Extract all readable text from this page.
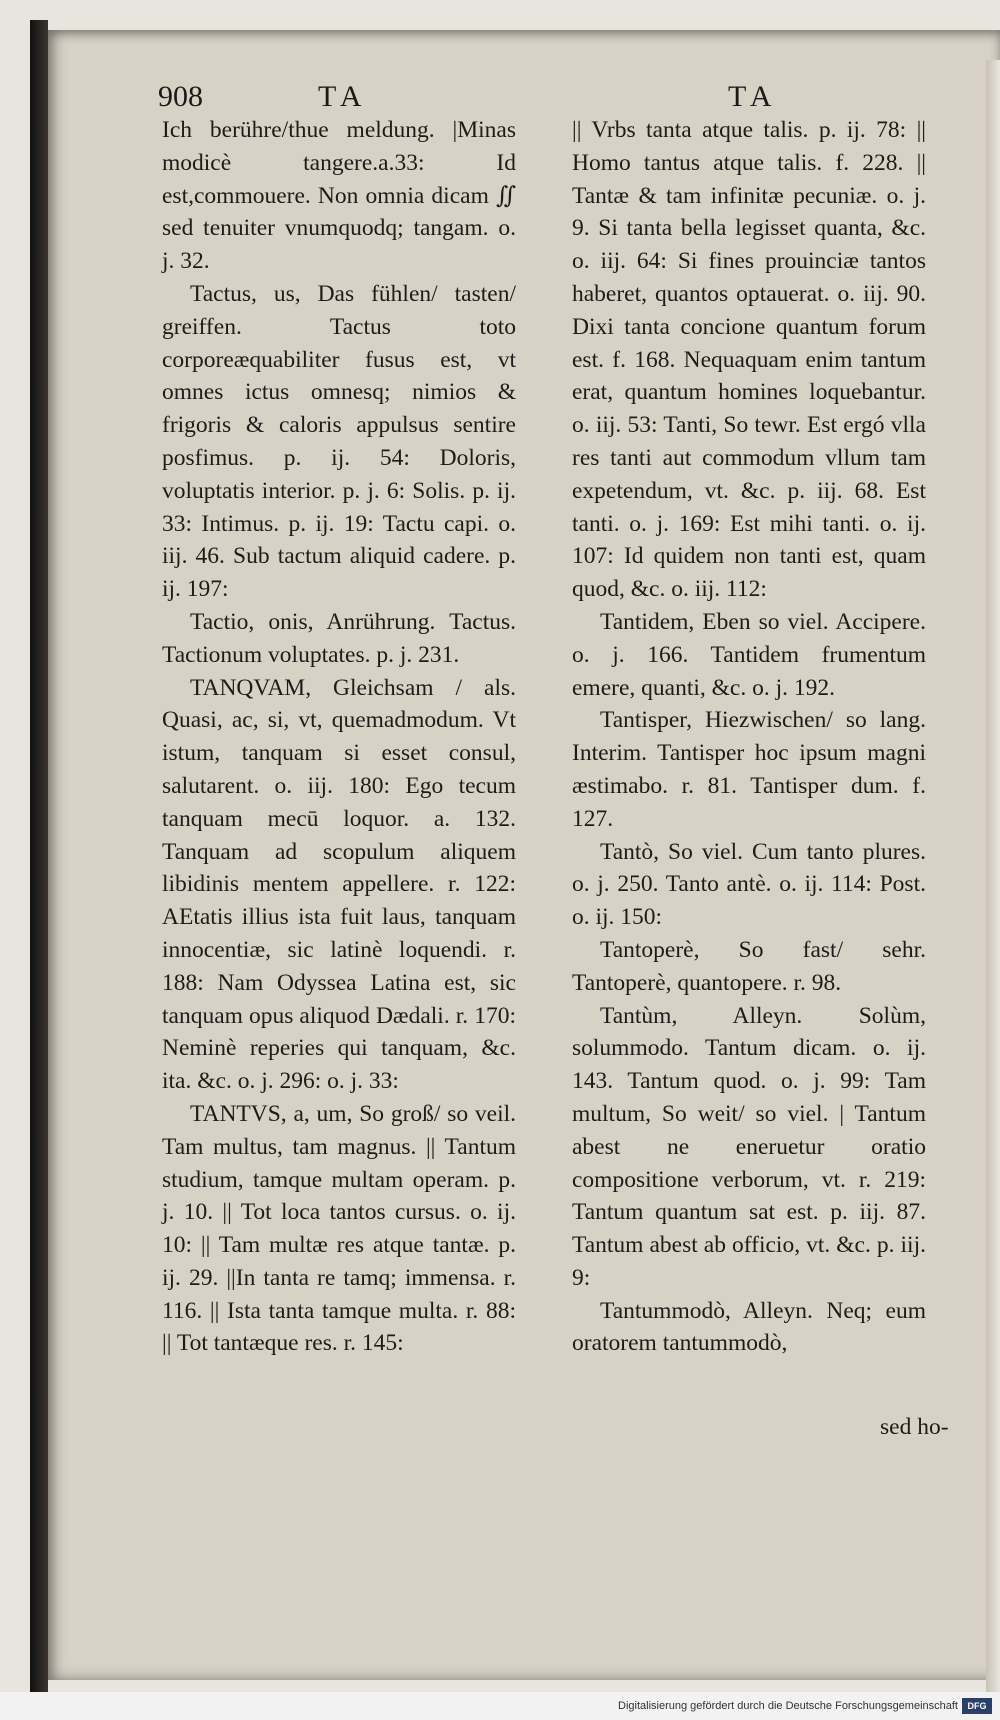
908	TA	TA

Ich berühre/thue meldung. |Minas modicè tangere.a.33: Id est,commouere. Non omnia dicam ∬ sed tenuiter vnumquodq; tangam. o. j. 32.

Tactus, us, Das fühlen/ tasten/ greiffen. Tactus toto corporeæquabiliter fusus est, vt omnes ictus omnesq; nimios & frigoris & caloris appulsus sentire posfimus. p. ij. 54: Doloris, voluptatis interior. p. j. 6: Solis. p. ij. 33: Intimus. p. ij. 19: Tactu capi. o. iij. 46. Sub tactum aliquid cadere. p. ij. 197:

Tactio, onis, Anrührung. Tactus. Tactionum voluptates. p. j. 231.

TANQVAM, Gleichsam / als. Quasi, ac, si, vt, quemadmodum. Vt istum, tanquam si esset consul, salutarent. o. iij. 180: Ego tecum tanquam mecū loquor. a. 132. Tanquam ad scopulum aliquem libidinis mentem appellere. r. 122: AEtatis illius ista fuit laus, tanquam innocentiæ, sic latinè loquendi. r. 188: Nam Odyssea Latina est, sic tanquam opus aliquod Dædali. r. 170: Neminè reperies qui tanquam, &c. ita. &c. o. j. 296: o. j. 33:

TANTVS, a, um, So groß/ so veil. Tam multus, tam magnus. || Tantum studium, tamque multam operam. p. j. 10. || Tot loca tantos cursus. o. ij. 10: || Tam multæ res atque tantæ. p. ij. 29. ||In tanta re tamq; immensa. r. 116. || Ista tanta tamque multa. r. 88: || Tot tantæque res. r. 145:

|| Vrbs tanta atque talis. p. ij. 78: || Homo tantus atque talis. f. 228. || Tantæ & tam infinitæ pecuniæ. o. j. 9. Si tanta bella legisset quanta, &c. o. iij. 64: Si fines prouinciæ tantos haberet, quantos optauerat. o. iij. 90. Dixi tanta concione quantum forum est. f. 168. Nequaquam enim tantum erat, quantum homines loquebantur. o. iij. 53: Tanti, So tewr. Est ergó vlla res tanti aut commodum vllum tam expetendum, vt. &c. p. iij. 68. Est tanti. o. j. 169: Est mihi tanti. o. ij. 107: Id quidem non tanti est, quam quod, &c. o. iij. 112:

Tantidem, Eben so viel. Accipere. o. j. 166. Tantidem frumentum emere, quanti, &c. o. j. 192.

Tantisper, Hiezwischen/ so lang. Interim. Tantisper hoc ipsum magni æstimabo. r. 81. Tantisper dum. f. 127.

Tantò, So viel. Cum tanto plures. o. j. 250. Tanto antè. o. ij. 114: Post. o. ij. 150:

Tantoperè, So fast/ sehr. Tantoperè, quantopere. r. 98.

Tantùm, Alleyn. Solùm, solummodo. Tantum dicam. o. ij. 143. Tantum quod. o. j. 99: Tam multum, So weit/ so viel. | Tantum abest ne eneruetur oratio compositione verborum, vt. r. 219: Tantum quantum sat est. p. iij. 87. Tantum abest ab officio, vt. &c. p. iij. 9:

Tantummodò, Alleyn. Neq; eum oratorem tantummodò,

sed ho-
Digitalisierung gefördert durch die Deutsche Forschungsgemeinschaft	DFG
